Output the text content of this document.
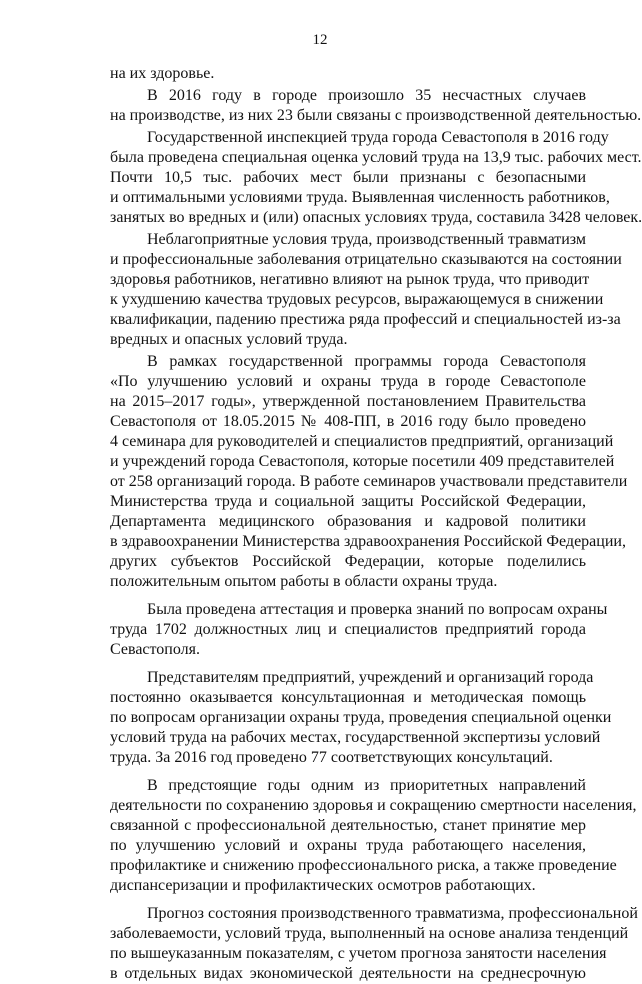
12
на их здоровье.
В 2016 году в городе произошло 35 несчастных случаев
на производстве, из них 23 были связаны с производственной деятельностью.
Государственной инспекцией труда города Севастополя в 2016 году
была проведена специальная оценка условий труда на 13,9 тыс. рабочих мест.
Почти 10,5 тыс. рабочих мест были признаны с безопасными
и оптимальными условиями труда. Выявленная численность работников,
занятых во вредных и (или) опасных условиях труда, составила 3428 человек.
Неблагоприятные условия труда, производственный травматизм
и профессиональные заболевания отрицательно сказываются на состоянии
здоровья работников, негативно влияют на рынок труда, что приводит
к ухудшению качества трудовых ресурсов, выражающемуся в снижении
квалификации, падению престижа ряда профессий и специальностей из-за
вредных и опасных условий труда.
В рамках государственной программы города Севастополя
«По улучшению условий и охраны труда в городе Севастополе
на 2015–2017 годы», утвержденной постановлением Правительства
Севастополя от 18.05.2015 № 408-ПП, в 2016 году было проведено
4 семинара для руководителей и специалистов предприятий, организаций
и учреждений города Севастополя, которые посетили 409 представителей
от 258 организаций города. В работе семинаров участвовали представители
Министерства труда и социальной защиты Российской Федерации,
Департамента медицинского образования и кадровой политики
в здравоохранении Министерства здравоохранения Российской Федерации,
других субъектов Российской Федерации, которые поделились
положительным опытом работы в области охраны труда.
Была проведена аттестация и проверка знаний по вопросам охраны
труда 1702 должностных лиц и специалистов предприятий города
Севастополя.
Представителям предприятий, учреждений и организаций города
постоянно оказывается консультационная и методическая помощь
по вопросам организации охраны труда, проведения специальной оценки
условий труда на рабочих местах, государственной экспертизы условий
труда. За 2016 год проведено 77 соответствующих консультаций.
В предстоящие годы одним из приоритетных направлений
деятельности по сохранению здоровья и сокращению смертности населения,
связанной с профессиональной деятельностью, станет принятие мер
по улучшению условий и охраны труда работающего населения,
профилактике и снижению профессионального риска, а также проведение
диспансеризации и профилактических осмотров работающих.
Прогноз состояния производственного травматизма, профессиональной
заболеваемости, условий труда, выполненный на основе анализа тенденций
по вышеуказанным показателям, с учетом прогноза занятости населения
в отдельных видах экономической деятельности на среднесрочную
